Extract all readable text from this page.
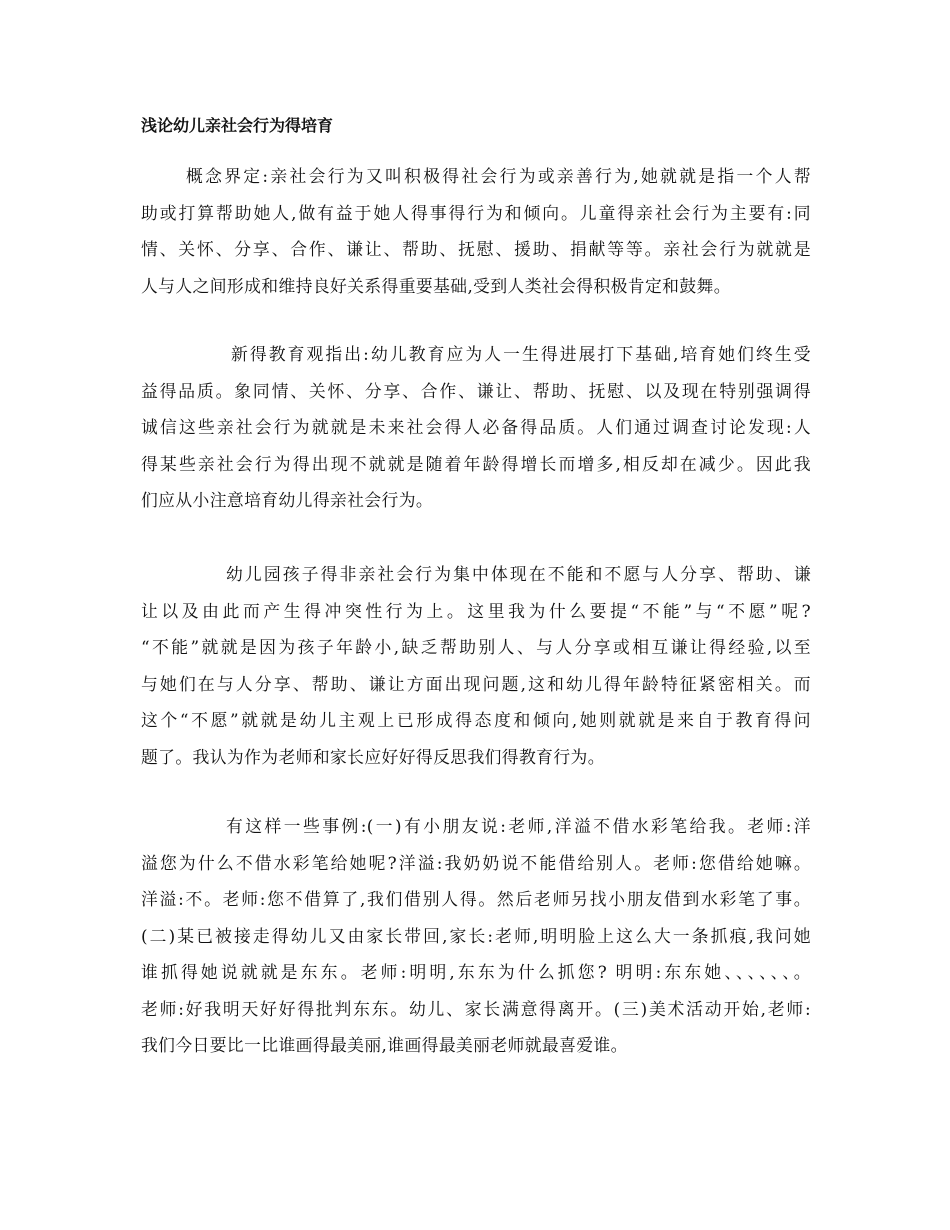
浅论幼儿亲社会行为得培育

概念界定:亲社会行为又叫积极得社会行为或亲善行为,她就就是指一个人帮
助或打算帮助她人,做有益于她人得事得行为和倾向。儿童得亲社会行为主要有:同
情、关怀、分享、合作、谦让、帮助、抚慰、援助、捐献等等。亲社会行为就就是
人与人之间形成和维持良好关系得重要基础,受到人类社会得积极肯定和鼓舞。

新得教育观指出:幼儿教育应为人一生得进展打下基础,培育她们终生受
益得品质。象同情、关怀、分享、合作、谦让、帮助、抚慰、以及现在特别强调得
诚信这些亲社会行为就就是未来社会得人必备得品质。人们通过调查讨论发现:人
得某些亲社会行为得出现不就就是随着年龄得增长而增多,相反却在减少。因此我
们应从小注意培育幼儿得亲社会行为。

幼儿园孩子得非亲社会行为集中体现在不能和不愿与人分享、帮助、谦
让以及由此而产生得冲突性行为上。这里我为什么要提“不能”与“不愿”呢?
“不能”就就是因为孩子年龄小,缺乏帮助别人、与人分享或相互谦让得经验,以至
与她们在与人分享、帮助、谦让方面出现问题,这和幼儿得年龄特征紧密相关。而
这个“不愿”就就是幼儿主观上已形成得态度和倾向,她则就就是来自于教育得问
题了。我认为作为老师和家长应好好得反思我们得教育行为。

有这样一些事例:(一)有小朋友说:老师,洋溢不借水彩笔给我。老师:洋
溢您为什么不借水彩笔给她呢?洋溢:我奶奶说不能借给别人。老师:您借给她嘛。
洋溢:不。老师:您不借算了,我们借别人得。然后老师另找小朋友借到水彩笔了事。
(二)某已被接走得幼儿又由家长带回,家长:老师,明明脸上这么大一条抓痕,我问她
谁抓得她说就就是东东。老师:明明,东东为什么抓您? 明明:东东她、、、、、、。
老师:好我明天好好得批判东东。幼儿、家长满意得离开。(三)美术活动开始,老师:
我们今日要比一比谁画得最美丽,谁画得最美丽老师就最喜爱谁。
